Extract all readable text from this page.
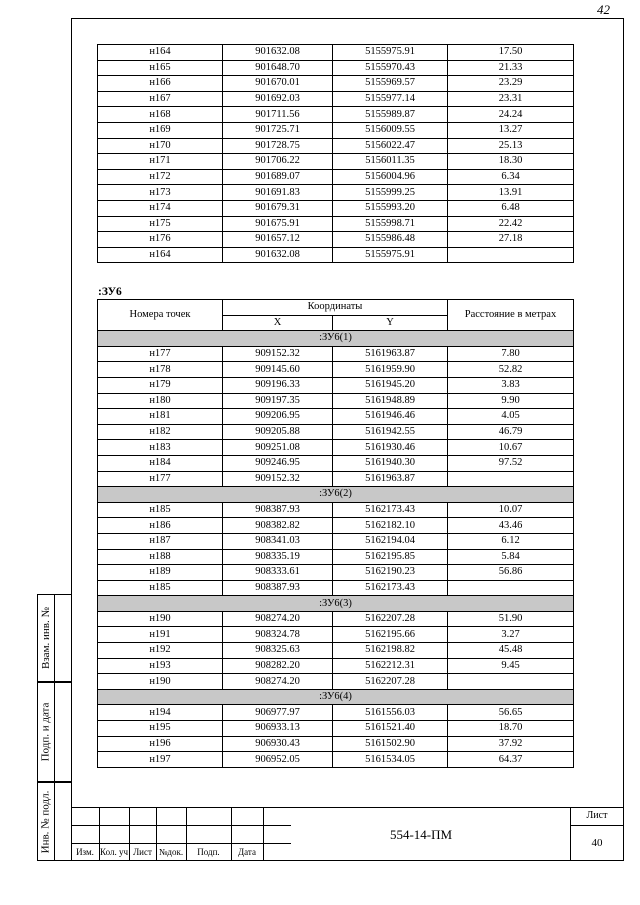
42
Взам. инв. №
Подп. и дата
Инв. № подл.
н164	901632.08	5155975.91	17.50
н165	901648.70	5155970.43	21.33
н166	901670.01	5155969.57	23.29
н167	901692.03	5155977.14	23.31
н168	901711.56	5155989.87	24.24
н169	901725.71	5156009.55	13.27
н170	901728.75	5156022.47	25.13
н171	901706.22	5156011.35	18.30
н172	901689.07	5156004.96	6.34
н173	901691.83	5155999.25	13.91
н174	901679.31	5155993.20	6.48
н175	901675.91	5155998.71	22.42
н176	901657.12	5155986.48	27.18
н164	901632.08	5155975.91	
:ЗУ6
Номера точек	Координаты		Расстояние в метрах
	X	Y	
:ЗУ6(1)			
н177	909152.32	5161963.87	7.80
н178	909145.60	5161959.90	52.82
н179	909196.33	5161945.20	3.83
н180	909197.35	5161948.89	9.90
н181	909206.95	5161946.46	4.05
н182	909205.88	5161942.55	46.79
н183	909251.08	5161930.46	10.67
н184	909246.95	5161940.30	97.52
н177	909152.32	5161963.87	
:ЗУ6(2)			
н185	908387.93	5162173.43	10.07
н186	908382.82	5162182.10	43.46
н187	908341.03	5162194.04	6.12
н188	908335.19	5162195.85	5.84
н189	908333.61	5162190.23	56.86
н185	908387.93	5162173.43	
:ЗУ6(3)			
н190	908274.20	5162207.28	51.90
н191	908324.78	5162195.66	3.27
н192	908325.63	5162198.82	45.48
н193	908282.20	5162212.31	9.45
н190	908274.20	5162207.28	
:ЗУ6(4)			
н194	906977.97	5161556.03	56.65
н195	906933.13	5161521.40	18.70
н196	906930.43	5161502.90	37.92
н197	906952.05	5161534.05	64.37
Изм. Кол. уч Лист №док.	Подп.	Дата
554-14-ПМ
Лист
40
